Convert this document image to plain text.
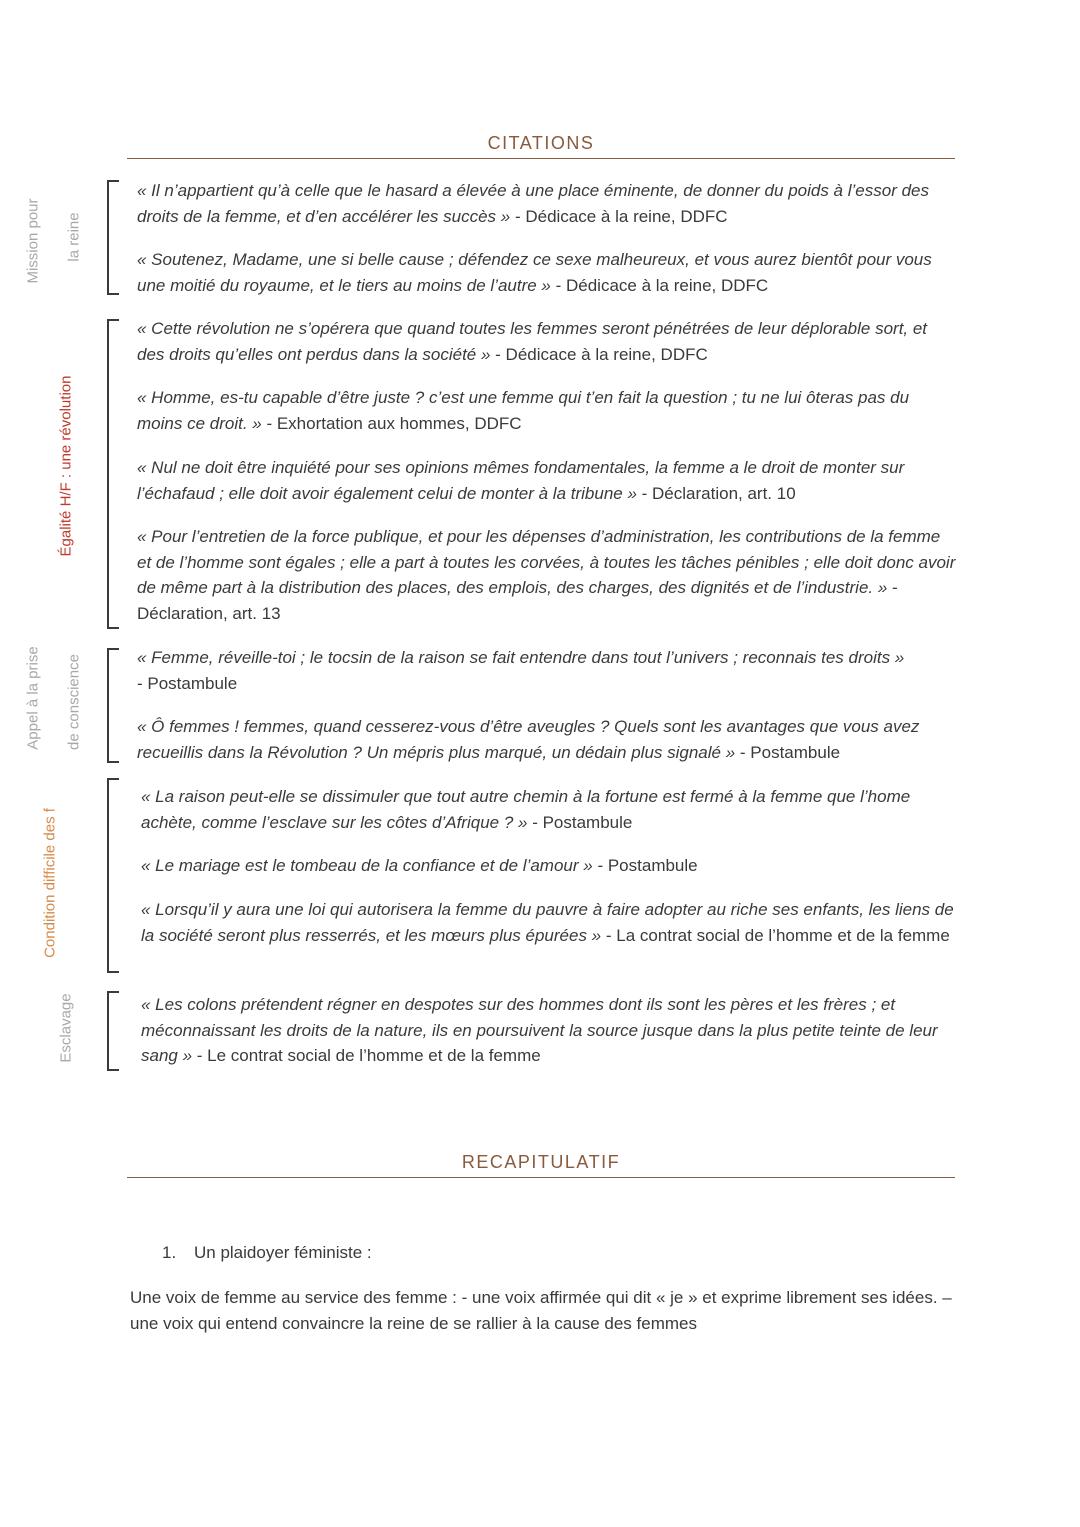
CITATIONS
Mission pour la reine

« Il n’appartient qu’à celle que le hasard a élevée à une place éminente, de donner du poids à l’essor des droits de la femme, et d’en accélérer les succès » - Dédicace à la reine, DDFC

« Soutenez, Madame, une si belle cause ; défendez ce sexe malheureux, et vous aurez bientôt pour vous une moitié du royaume, et le tiers au moins de l’autre » - Dédicace à la reine, DDFC

Égalité H/F : une révolution

« Cette révolution ne s’opérera que quand toutes les femmes seront pénétrées de leur déplorable sort, et des droits qu’elles ont perdus dans la société » - Dédicace à la reine, DDFC

« Homme, es-tu capable d’être juste ? c’est une femme qui t’en fait la question ; tu ne lui ôteras pas du moins ce droit. » - Exhortation aux hommes, DDFC

« Nul ne doit être inquiété pour ses opinions mêmes fondamentales, la femme a le droit de monter sur l’échafaud ; elle doit avoir également celui de monter à la tribune » - Déclaration, art. 10

« Pour l’entretien de la force publique, et pour les dépenses d’administration, les contributions de la femme et de l’homme sont égales ; elle a part à toutes les corvées, à toutes les tâches pénibles ; elle doit donc avoir de même part à la distribution des places, des emplois, des charges, des dignités et de l’industrie. » - Déclaration, art. 13

Appel à la prise de conscience	« Femme, réveille-toi ; le tocsin de la raison se fait entendre dans tout l’univers ; reconnais tes droits »
- Postambule

« Ô femmes ! femmes, quand cesserez-vous d’être aveugles ? Quels sont les avantages que vous avez recueillis dans la Révolution ? Un mépris plus marqué, un dédain plus signalé » - Postambule

Condition difficile des f

« La raison peut-elle se dissimuler que tout autre chemin à la fortune est fermé à la femme que l’home achète, comme l’esclave sur les côtes d’Afrique ? » - Postambule

« Le mariage est le tombeau de la confiance et de l’amour » - Postambule

« Lorsqu’il y aura une loi qui autorisera la femme du pauvre à faire adopter au riche ses enfants, les liens de la société seront plus resserrés, et les mœurs plus épurées » - La contrat social de l’homme et de la femme

Esclavage	« Les colons prétendent régner en despotes sur des hommes dont ils sont les pères et les frères ; et méconnaissant les droits de la nature, ils en poursuivent la source jusque dans la plus petite teinte de leur sang » - Le contrat social de l’homme et de la femme

RECAPITULATIF
1. Un plaidoyer féministe :

Une voix de femme au service des femme : - une voix affirmée qui dit « je » et exprime librement ses idées. – une voix qui entend convaincre la reine de se rallier à la cause des femmes
